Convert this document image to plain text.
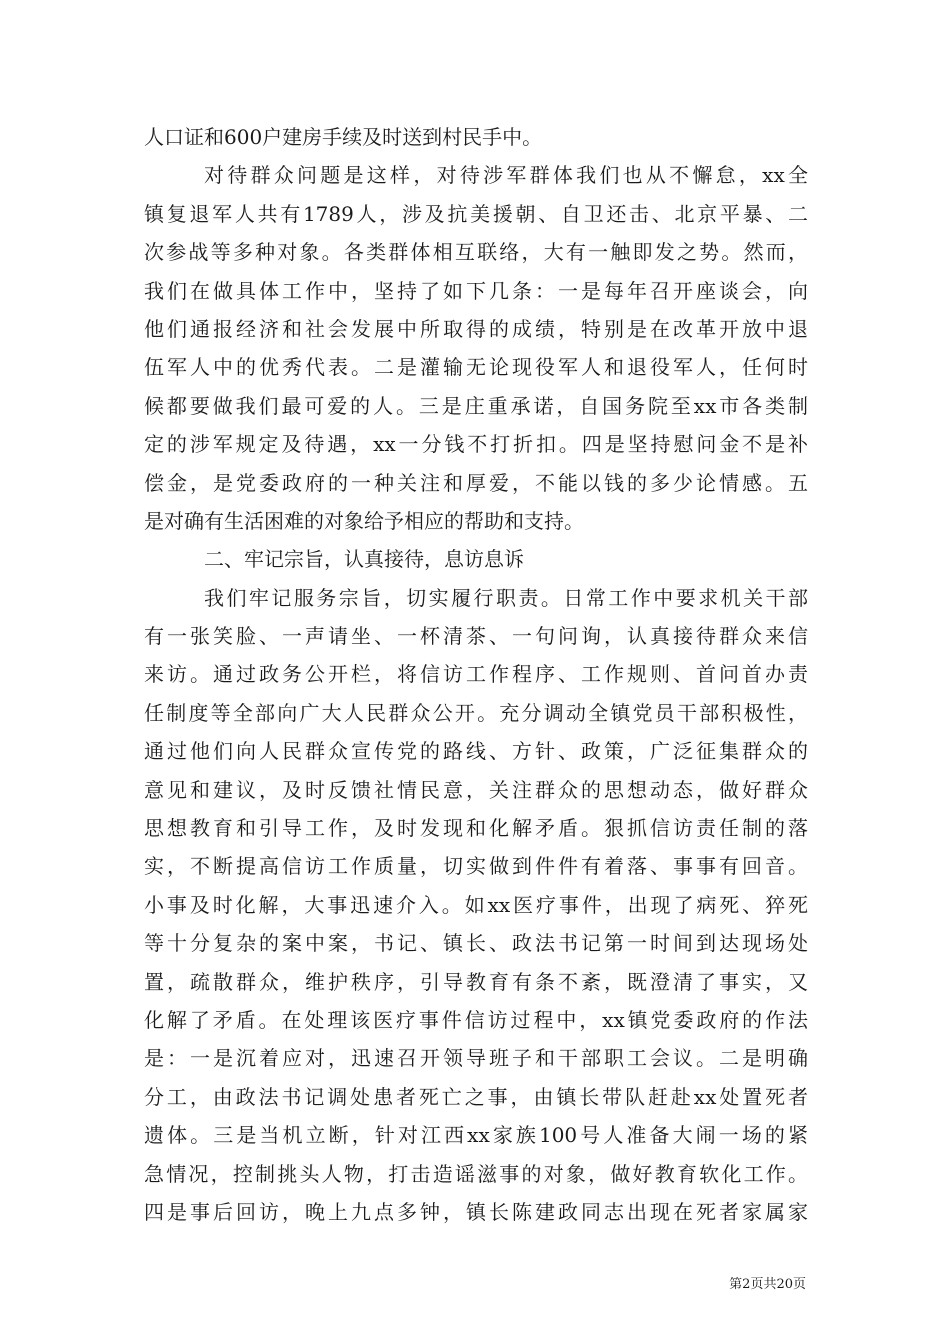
人口证和600户建房手续及时送到村民手中。
对待群众问题是这样，对待涉军群体我们也从不懈怠，xx全
镇复退军人共有1789人，涉及抗美援朝、自卫还击、北京平暴、二
次参战等多种对象。各类群体相互联络，大有一触即发之势。然而，
我们在做具体工作中，坚持了如下几条：一是每年召开座谈会，向
他们通报经济和社会发展中所取得的成绩，特别是在改革开放中退
伍军人中的优秀代表。二是灌输无论现役军人和退役军人，任何时
候都要做我们最可爱的人。三是庄重承诺，自国务院至xx市各类制
定的涉军规定及待遇，xx一分钱不打折扣。四是坚持慰问金不是补
偿金，是党委政府的一种关注和厚爱，不能以钱的多少论情感。五
是对确有生活困难的对象给予相应的帮助和支持。
二、牢记宗旨，认真接待，息访息诉
我们牢记服务宗旨，切实履行职责。日常工作中要求机关干部
有一张笑脸、一声请坐、一杯清茶、一句问询，认真接待群众来信
来访。通过政务公开栏，将信访工作程序、工作规则、首问首办责
任制度等全部向广大人民群众公开。充分调动全镇党员干部积极性，
通过他们向人民群众宣传党的路线、方针、政策，广泛征集群众的
意见和建议，及时反馈社情民意，关注群众的思想动态，做好群众
思想教育和引导工作，及时发现和化解矛盾。狠抓信访责任制的落
实，不断提高信访工作质量，切实做到件件有着落、事事有回音。
小事及时化解，大事迅速介入。如xx医疗事件，出现了病死、猝死
等十分复杂的案中案，书记、镇长、政法书记第一时间到达现场处
置，疏散群众，维护秩序，引导教育有条不紊，既澄清了事实，又
化解了矛盾。在处理该医疗事件信访过程中，xx镇党委政府的作法
是：一是沉着应对，迅速召开领导班子和干部职工会议。二是明确
分工，由政法书记调处患者死亡之事，由镇长带队赶赴xx处置死者
遗体。三是当机立断，针对江西xx家族100号人准备大闹一场的紧
急情况，控制挑头人物，打击造谣滋事的对象，做好教育软化工作。
四是事后回访，晚上九点多钟，镇长陈建政同志出现在死者家属家
第2页共20页
